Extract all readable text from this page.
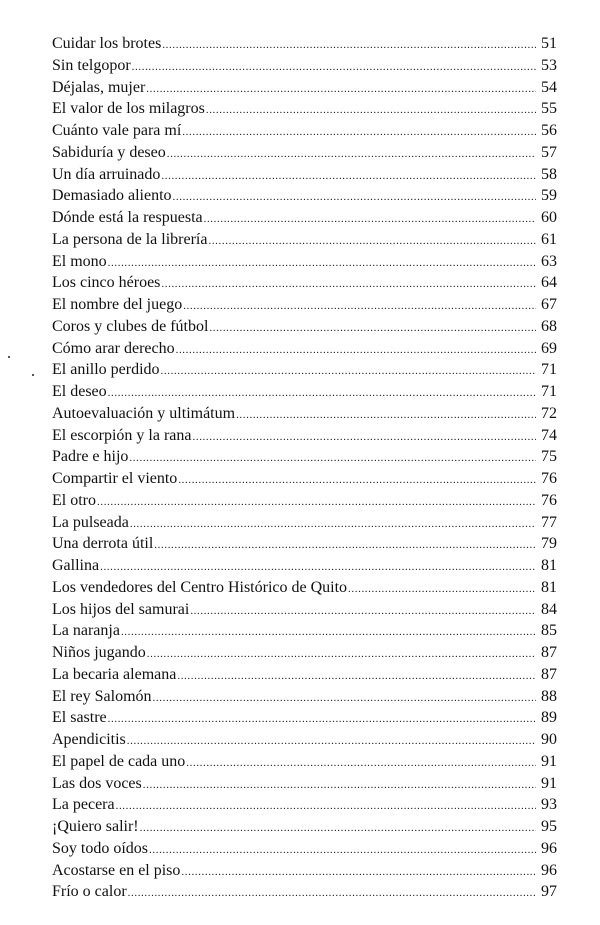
Cuidar los brotes .....	51
Sin telgopor .....	53
Déjalas, mujer .....	54
El valor de los milagros .....	55
Cuánto vale para mí .....	56
Sabiduría y deseo .....	57
Un día arruinado .....	58
Demasiado aliento .....	59
Dónde está la respuesta .....	60
La persona de la librería .....	61
El mono .....	63
Los cinco héroes .....	64
El nombre del juego .....	67
Coros y clubes de fútbol .....	68
Cómo arar derecho .....	69
El anillo perdido .....	71
El deseo .....	71
Autoevaluación y ultimátum .....	72
El escorpión y la rana .....	74
Padre e hijo .....	75
Compartir el viento .....	76
El otro .....	76
La pulseada .....	77
Una derrota útil .....	79
Gallina .....	81
Los vendedores del Centro Histórico de Quito .....	81
Los hijos del samurai .....	84
La naranja .....	85
Niños jugando .....	87
La becaria alemana .....	87
El rey Salomón .....	88
El sastre .....	89
Apendicitis .....	90
El papel de cada uno .....	91
Las dos voces .....	91
La pecera .....	93
¡Quiero salir! .....	95
Soy todo oídos .....	96
Acostarse en el piso .....	96
Frío o calor .....	97
